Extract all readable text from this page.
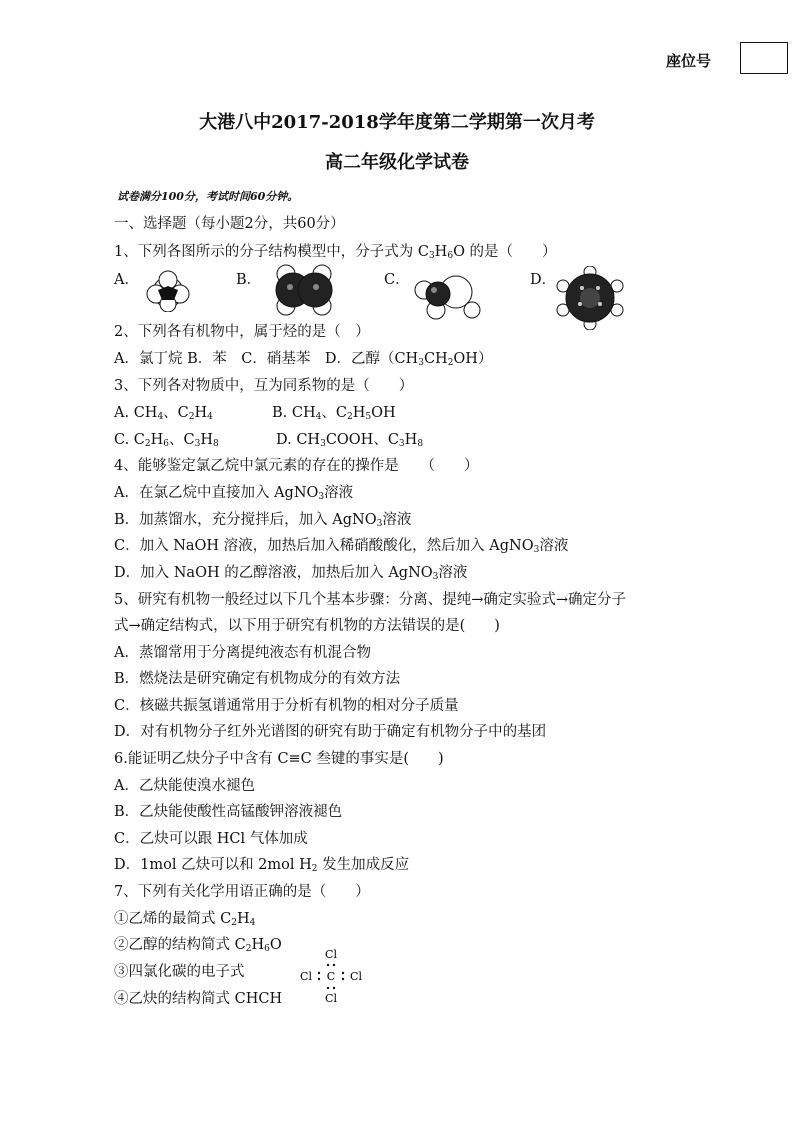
座位号
大港八中2017-2018学年度第二学期第一次月考
高二年级化学试卷
试卷满分100分，考试时间60分钟。
一、选择题（每小题2分，共60分）
1、下列各图所示的分子结构模型中，分子式为 $C_3H_6O$ 的是（　　）
A．	B．	C．	D．
2、下列各有机物中，属于烃的是（　）
A．氯丁烷 B．苯　C．硝基苯　D．乙醇$(CH_3CH_2OH)$
3、下列各对物质中，互为同系物的是（　　）
A. $CH_4$、$C_2H_4$	B. $CH_4$、$C_2H_5OH$
C. $C_2H_6$、$C_3H_8$	D. $CH_3COOH$、$C_3H_8$
4、能够鉴定氯乙烷中氯元素的存在的操作是　　（　　）
A．在氯乙烷中直接加入 AgNO$_3$溶液
B．加蒸馏水，充分搅拌后，加入 AgNO$_3$溶液
C．加入 NaOH 溶液，加热后加入稀硝酸酸化，然后加入 AgNO$_3$溶液
D．加入 NaOH 的乙醇溶液，加热后加入 AgNO$_3$溶液
5、研究有机物一般经过以下几个基本步骤：分离、提纯→确定实验式→确定分子
式→确定结构式，以下用于研究有机物的方法错误的是(　　)
A．蒸馏常用于分离提纯液态有机混合物
B．燃烧法是研究确定有机物成分的有效方法
C．核磁共振氢谱通常用于分析有机物的相对分子质量
D．对有机物分子红外光谱图的研究有助于确定有机物分子中的基团
6.能证明乙炔分子中含有 C≡C 叁键的事实是(　　)
A．乙炔能使溴水褪色
B．乙炔能使酸性高锰酸钾溶液褪色
C．乙炔可以跟 HCl 气体加成
D．1mol 乙炔可以和 2mol $H_2$ 发生加成反应
7、下列有关化学用语正确的是（　　）
①乙烯的最简式 $C_2H_4$
②乙醇的结构简式 $C_2H_6O$
③四氯化碳的电子式
④乙炔的结构简式 CHCH
Cl
Cl C Cl
Cl
